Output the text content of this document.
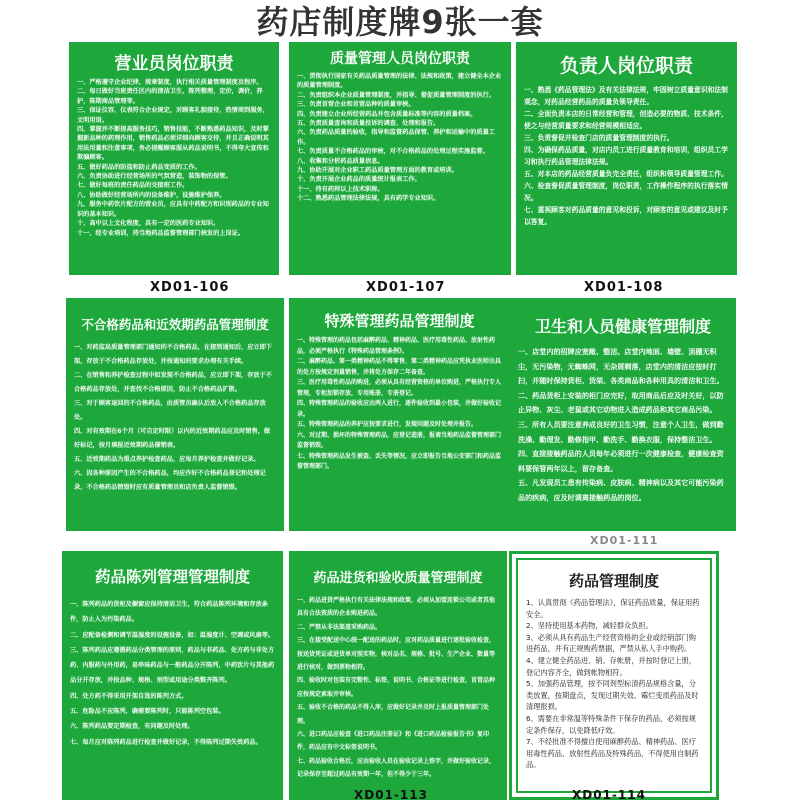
药店制度牌9张一套
营业员岗位职责
一、严格遵守企业纪律，规章制度，执行相关质量管理制度及程序。
二、每日做好当班责任区内的清洁卫生，陈列整理，定价，调价，养护，陈期商品管理等。
三、保证仪容，仪表符合企业规定，对顾客礼貌接待，热情周到服务，文明用语。
四、掌握并不断提高服务技巧，销售技能，不断熟悉药品知识，及时掌握新品种的药理作用，销售药品必须详细向顾客交待，并且正确说明其用法用量和注意事项，务必提醒顾客服从药品说明书，不得夸大宣传和欺骗顾客。
五、做好药品的防盗和防止药品变质的工作。
六、负责协助进行经营场所的气氛营造，装饰物的保管。
七、做好每班的责任药品的交接班工作。
八、协助做好经营场所内的设备维护，设施维护保养。
九、服务中药饮片配方的营业员，应具有中药配方和识别药品的专业知识的基本知识。
十、高中以上文化程度，具有一定的医药专业知识。
十一、经专业培训，持当地药品监督管理部门核发的上岗证。
质量管理人员岗位职责
一、贯彻执行国家有关药品质量管理的法律、法规和政策，建立健全本企业的质量管理制度。
二、负责组织本企业质量管理制度，并指导、督促质量管理制度的执行。
三、负责首营企业和首营品种的质量审核。
四、负责建立企业所经营药品并包含质量标准等内容的质量档案。
五、负责质量查询和质量投诉的调查、处理和报告。
六、负责药品质量的验收，指导和监督药品保管、养护和运输中的质量工作。
七、负责质量不合格药品的审核，对不合格药品的处理过程实施监督。
八、收集和分析药品质量信息。
九、协助开展对企业职工药品质量管理方面的教育或培训。
十、负责开展企业药品的质量统计报表工作。
十一、持有药师以上技术职称。
十二、熟悉药品管理法律法规，具有药学专业知识。
负责人岗位职责
一、熟悉《药品管理法》及有关法律法规，牢固树立质量意识和法制观念，对药品经营药品的质量负领导责任。
二、全面负责本店的日常经营和管理，创造必要的物质、技术条件，使之与经营质量要求和经营规模相适应。
三、负责督促并检查门店的质量管理制度的执行。
四、为确保药品质量，对店内员工进行质量教育和培训，组织员工学习和执行药品管理法律法规。
五、对本店的药品经营质量负完全责任，组织和领导质量管理工作。
六、检查督促质量管理制度，岗位职责，工作操作程序的执行落实情况。
七、重视顾客对药品质量的意见和投诉，对顾客的意见或建议及时予以答复。
XD01-106	XD01-107	XD01-108
不合格药品和近效期药品管理制度
一、对药监局质量管理部门通知的不合格药品，在接到通知后，应立即下架，存放于不合格药品存放处，并按通知的要求办理有关手续。
二、在销售和养护检查过程中如发现不合格药品，应立即下架，存放于不合格药品存放处，并查找不合格原因，防止不合格药品扩散。
三、对于顾客退回的不合格药品，由质管员确认后放入不合格药品存放处。
四、对有效期在6个月（可自定时限）以内的近效期药品应及时销售，做好标记，按月填报近效期药品催销表。
五、近效期药品为重点养护检查药品，应每月养护检查并做好记录。
六、因各种原因产生的不合格药品，均应作好不合格药品登记和处理记录，不合格药品销毁时应有质量管理员和店负责人监督销毁。
特殊管理药品管理制度
一、特殊管理的药品包括麻醉药品、精神药品、医疗用毒性药品、放射性药品，必须严格执行《特殊药品管理条例》。
二、麻醉药品、第一类精神药品不得零售，第二类精神药品应凭执业医师出具的处方按规定剂量销售，并将处方保存二年备查。
三、医疗用毒性药品的购进，必须从具有经营资格的单位购进，严格执行专人管理，专柜加锁存放，专用账册，专册登记。
四、特殊管理药品的验收应由两人进行，逐件验收到最小包装，并做好验收记录。
五、特殊管理药品的养护应按要求进行，发现问题及时处理并报告。
六、对过期、损坏的特殊管理药品，应登记造册，报请当地药品监督管理部门监督销毁。
七、特殊管理药品发生被盗、丢失等情况，应立即报告当地公安部门和药品监督管理部门。
卫生和人员健康管理制度
一、店堂内的招牌应宽敞、整洁。店堂内地面、墙壁、顶棚无积尘，无污染物，无蜘蛛网，无杂屑剩落，店堂内的清洁应按时打扫，并随时保持货柜、货架、各类商品和各种用具的清洁和卫生。
二、药品货柜上安装的柜门应完好，取用商品后应及时关好，以防止异物、灰尘、老鼠或其它动物进入造成药品和其它商品污染。
三、所有人员要注意养成良好的卫生习惯，注意个人卫生，做到勤洗澡、勤理发、勤修指甲、勤洗手、勤换衣服，保持整洁卫生。
四、直接接触药品的人员每年必须进行一次健康检查，健康检查资料要保管两年以上，留存备查。
五、凡发现员工患有传染病、皮肤病、精神病以及其它可能污染药品的疾病，应及时调离接触药品的岗位。
XD01-111
药品陈列管理管理制度
一、陈列药品的货柜及橱窗应保持清洁卫生，符合药品陈列环境和存放条件，防止人为污染药品。
二、应配备检测和调节温湿度的设施设备，如：温湿度计、空调或风扇等。
三、陈列药品应遵循药品分类管理的原则，药品与非药品、处方药与非处方药、内服药与外用药，易串味药品与一般药品分开陈列，中药饮片与其他药品分开存放，并按品种、规格、剂型或用途分类整齐陈列。
四、处方药不得采用开架自选的陈列方式。
五、危险品不应陈列，确需要陈列时，只能陈列空包装。
六、陈列药品要定期检查，有问题及时处理。
七、每月应对陈列药品进行检查并做好记录，不得陈列过期失效药品。
药品进货和验收质量管理制度
一、药品进货严格执行有关法律法规和政策，必须从加盟连锁公司或者其他具有合法资质的企业购进药品。
二、严禁从非法渠道采购药品。
三、在接受配送中心统一配送的药品时，应对药品质量进行逐批验收检查，按送货凭证或进货单对照实物，核对品名、规格、批号、生产企业、数量等进行核对，做到票物相符。
四、验收时对包装有完整性、标签、说明书、合格证等进行检查，首营品种应按规定索取并审核。
五、验收不合格的药品不得入库，应做好记录并及时上报质量管理部门处理。
六、进口药品应检查《进口药品注册证》和《进口药品检验报告书》复印件，药品应有中文标签说明书。
七、药品验收合格后，应由验收人员在验收记录上签字，并做好验收记录，记录保存至超过药品有效期一年，但不得少于三年。
药品管理制度
1、认真贯彻《药品管理法》，保证药品质量，保证用药安全。
2、坚持使用基本药物，减轻群众负担。
3、必须从具有药品生产经营资格的企业或经销部门购进药品，并有正规购药票据，严禁从私人手中购药。
4、建立健全药品进、销、存帐册，并按时登记上册，登记内容齐全，做到帐物相符。
5、加强药品管理，按不同剂型标清药品规格含量，分类放置，按期盘点，发现过期失效、霉烂变质药品及时清理报损。
6、需要在非常温等特殊条件下保存的药品，必须按规定条件保存，以免降低疗效。
7、不经批准不得擅自使用麻醉药品、精神药品、医疗用毒性药品、放射性药品及特殊药品，不得使用自制药品。
XD01-113	XD01-114
